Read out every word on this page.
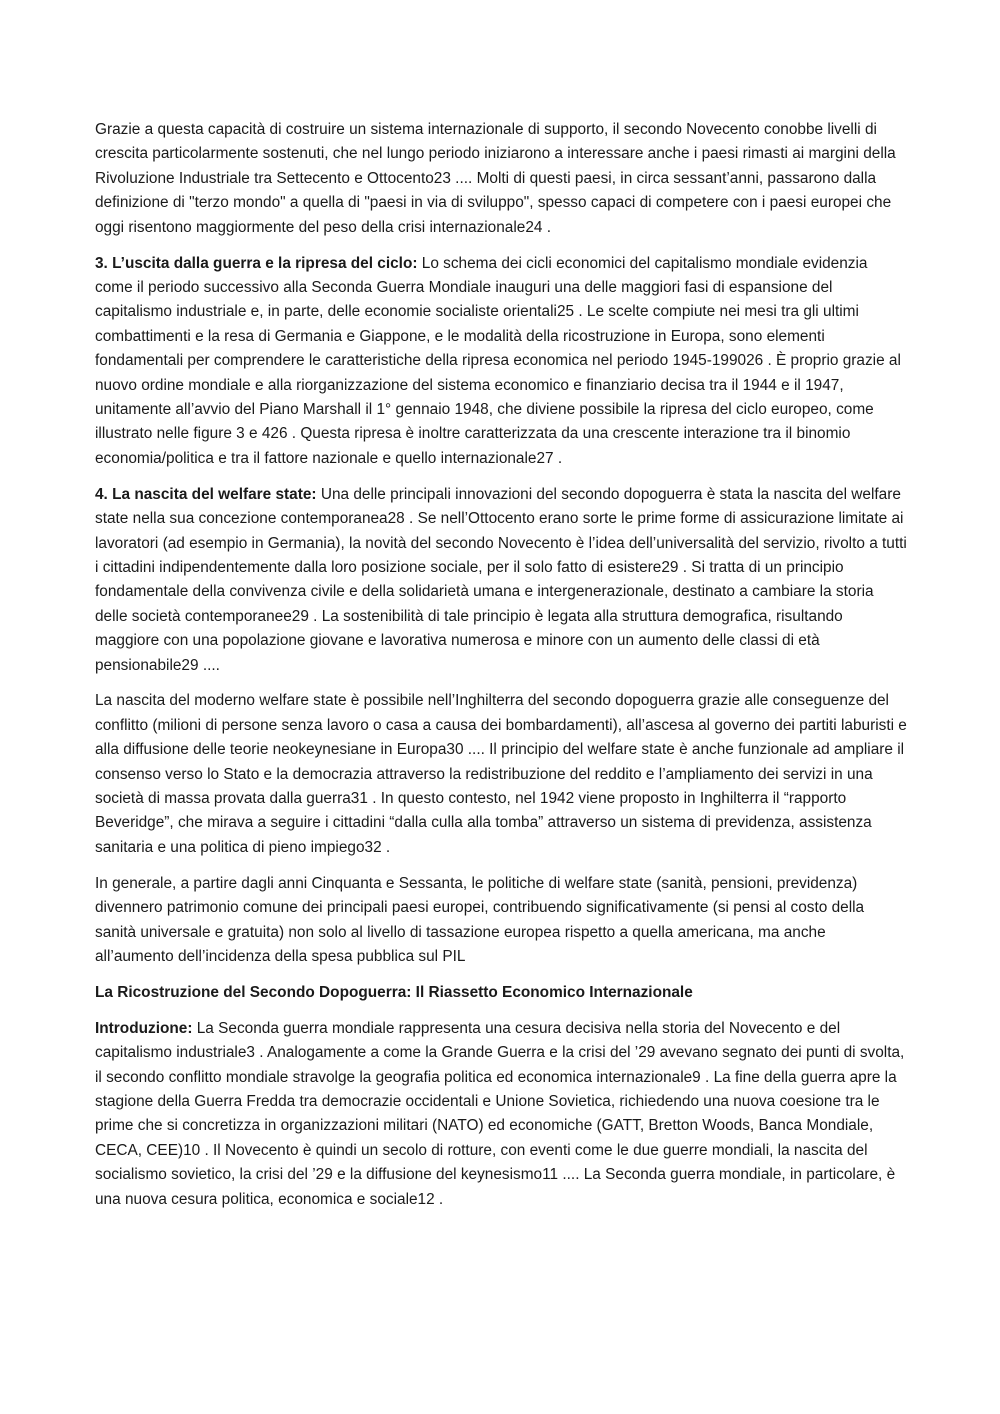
Grazie a questa capacità di costruire un sistema internazionale di supporto, il secondo Novecento conobbe livelli di crescita particolarmente sostenuti, che nel lungo periodo iniziarono a interessare anche i paesi rimasti ai margini della Rivoluzione Industriale tra Settecento e Ottocento23 .... Molti di questi paesi, in circa sessant’anni, passarono dalla definizione di "terzo mondo" a quella di "paesi in via di sviluppo", spesso capaci di competere con i paesi europei che oggi risentono maggiormente del peso della crisi internazionale24 .

3. L’uscita dalla guerra e la ripresa del ciclo: Lo schema dei cicli economici del capitalismo mondiale evidenzia come il periodo successivo alla Seconda Guerra Mondiale inauguri una delle maggiori fasi di espansione del capitalismo industriale e, in parte, delle economie socialiste orientali25 . Le scelte compiute nei mesi tra gli ultimi combattimenti e la resa di Germania e Giappone, e le modalità della ricostruzione in Europa, sono elementi fondamentali per comprendere le caratteristiche della ripresa economica nel periodo 1945-199026 . È proprio grazie al nuovo ordine mondiale e alla riorganizzazione del sistema economico e finanziario decisa tra il 1944 e il 1947, unitamente all’avvio del Piano Marshall il 1° gennaio 1948, che diviene possibile la ripresa del ciclo europeo, come illustrato nelle figure 3 e 426 . Questa ripresa è inoltre caratterizzata da una crescente interazione tra il binomio economia/politica e tra il fattore nazionale e quello internazionale27 .

4. La nascita del welfare state: Una delle principali innovazioni del secondo dopoguerra è stata la nascita del welfare state nella sua concezione contemporanea28 . Se nell’Ottocento erano sorte le prime forme di assicurazione limitate ai lavoratori (ad esempio in Germania), la novità del secondo Novecento è l’idea dell’universalità del servizio, rivolto a tutti i cittadini indipendentemente dalla loro posizione sociale, per il solo fatto di esistere29 . Si tratta di un principio fondamentale della convivenza civile e della solidarietà umana e intergenerazionale, destinato a cambiare la storia delle società contemporanee29 . La sostenibilità di tale principio è legata alla struttura demografica, risultando maggiore con una popolazione giovane e lavorativa numerosa e minore con un aumento delle classi di età pensionabile29 ....

La nascita del moderno welfare state è possibile nell’Inghilterra del secondo dopoguerra grazie alle conseguenze del conflitto (milioni di persone senza lavoro o casa a causa dei bombardamenti), all’ascesa al governo dei partiti laburisti e alla diffusione delle teorie neokeynesiane in Europa30 .... Il principio del welfare state è anche funzionale ad ampliare il consenso verso lo Stato e la democrazia attraverso la redistribuzione del reddito e l’ampliamento dei servizi in una società di massa provata dalla guerra31 . In questo contesto, nel 1942 viene proposto in Inghilterra il “rapporto Beveridge”, che mirava a seguire i cittadini “dalla culla alla tomba” attraverso un sistema di previdenza, assistenza sanitaria e una politica di pieno impiego32 .

In generale, a partire dagli anni Cinquanta e Sessanta, le politiche di welfare state (sanità, pensioni, previdenza) divennero patrimonio comune dei principali paesi europei, contribuendo significativamente (si pensi al costo della sanità universale e gratuita) non solo al livello di tassazione europea rispetto a quella americana, ma anche all’aumento dell’incidenza della spesa pubblica sul PIL

La Ricostruzione del Secondo Dopoguerra: Il Riassetto Economico Internazionale

Introduzione: La Seconda guerra mondiale rappresenta una cesura decisiva nella storia del Novecento e del capitalismo industriale3 . Analogamente a come la Grande Guerra e la crisi del ’29 avevano segnato dei punti di svolta, il secondo conflitto mondiale stravolge la geografia politica ed economica internazionale9 . La fine della guerra apre la stagione della Guerra Fredda tra democrazie occidentali e Unione Sovietica, richiedendo una nuova coesione tra le prime che si concretizza in organizzazioni militari (NATO) ed economiche (GATT, Bretton Woods, Banca Mondiale, CECA, CEE)10 . Il Novecento è quindi un secolo di rotture, con eventi come le due guerre mondiali, la nascita del socialismo sovietico, la crisi del ’29 e la diffusione del keynesismo11 .... La Seconda guerra mondiale, in particolare, è una nuova cesura politica, economica e sociale12 .
